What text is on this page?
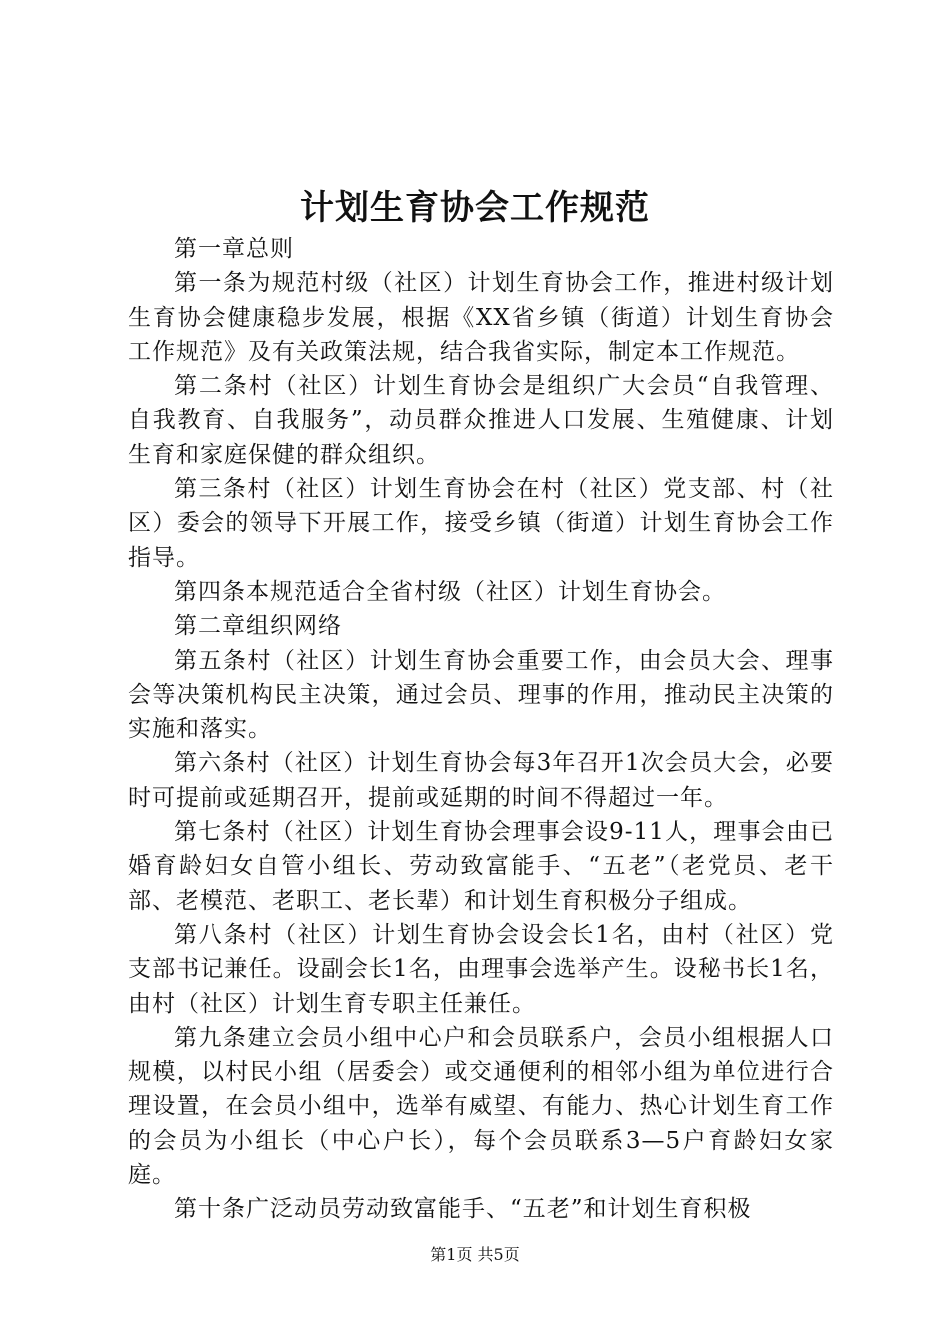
计划生育协会工作规范

第一章总则

第一条为规范村级（社区）计划生育协会工作，推进村级计划生育协会健康稳步发展，根据《XX省乡镇（街道）计划生育协会工作规范》及有关政策法规，结合我省实际，制定本工作规范。

第二条村（社区）计划生育协会是组织广大会员“自我管理、自我教育、自我服务”，动员群众推进人口发展、生殖健康、计划生育和家庭保健的群众组织。

第三条村（社区）计划生育协会在村（社区）党支部、村（社区）委会的领导下开展工作，接受乡镇（街道）计划生育协会工作指导。

第四条本规范适合全省村级（社区）计划生育协会。

第二章组织网络

第五条村（社区）计划生育协会重要工作，由会员大会、理事会等决策机构民主决策，通过会员、理事的作用，推动民主决策的实施和落实。

第六条村（社区）计划生育协会每3年召开1次会员大会，必要时可提前或延期召开，提前或延期的时间不得超过一年。

第七条村（社区）计划生育协会理事会设9-11人，理事会由已婚育龄妇女自管小组长、劳动致富能手、“五老”（老党员、老干部、老模范、老职工、老长辈）和计划生育积极分子组成。

第八条村（社区）计划生育协会设会长1名，由村（社区）党支部书记兼任。设副会长1名，由理事会选举产生。设秘书长1名，由村（社区）计划生育专职主任兼任。

第九条建立会员小组中心户和会员联系户，会员小组根据人口规模，以村民小组（居委会）或交通便利的相邻小组为单位进行合理设置，在会员小组中，选举有威望、有能力、热心计划生育工作的会员为小组长（中心户长），每个会员联系3—5户育龄妇女家庭。

第十条广泛动员劳动致富能手、“五老”和计划生育积极

第1页 共5页
